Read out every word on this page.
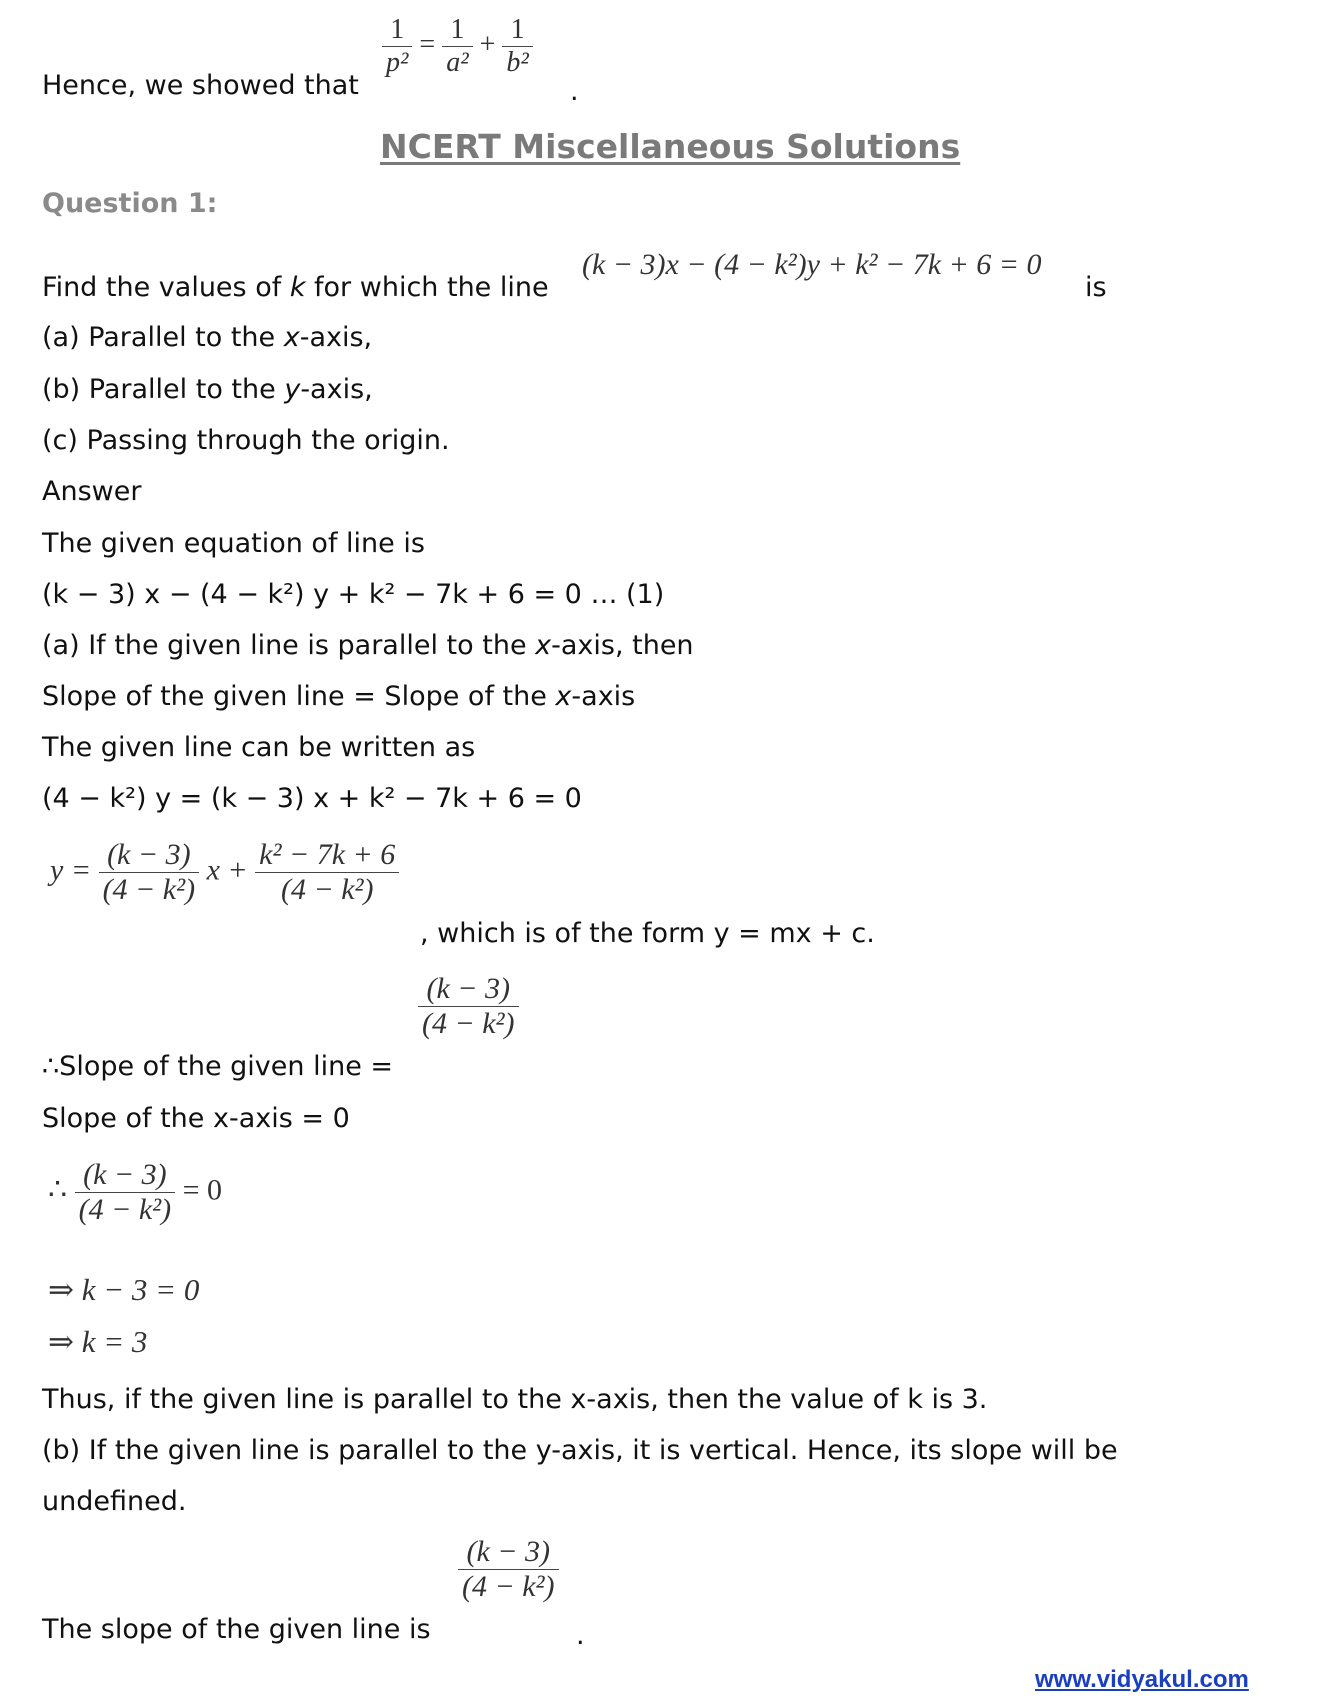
Hence, we showed that
$\frac{1}{\text{p²}} = \frac{1}{\text{a²}} + \frac{1}{\text{b²}}$
.
NCERT Miscellaneous Solutions
Question 1:
Find the values of k for which the line
(k − 3)x − (4 − k²)y + k² − 7k + 6 = 0
is
(a) Parallel to the x-axis,
(b) Parallel to the y-axis,
(c) Passing through the origin.
Answer
The given equation of line is
(k − 3) x − (4 − k²) y + k² − 7k + 6 = 0 … (1)
(a) If the given line is parallel to the x-axis, then
Slope of the given line = Slope of the x-axis
The given line can be written as
(4 − k²) y = (k − 3) x + k² − 7k + 6 = 0
$y = \frac{(k - 3)}{\text{(4 − k²)}}$ $x + \frac{\text{k² − 7k + 6}}{\text{(4 − k²)}}$
, which is of the form y = mx + c.
∴Slope of the given line =
$\frac{(k - 3)}{\text{(4 − k²)}}$
Slope of the x-axis = 0
∴ $\frac{(k - 3)}{\text{(4 − k²)}} = 0$
⇒ k − 3 = 0
⇒ k = 3
Thus, if the given line is parallel to the x-axis, then the value of k is 3.
(b) If the given line is parallel to the y-axis, it is vertical. Hence, its slope will be
undefined.
The slope of the given line is
$\frac{(k - 3)}{\text{(4 − k²)}}$
.
www.vidyakul.com
